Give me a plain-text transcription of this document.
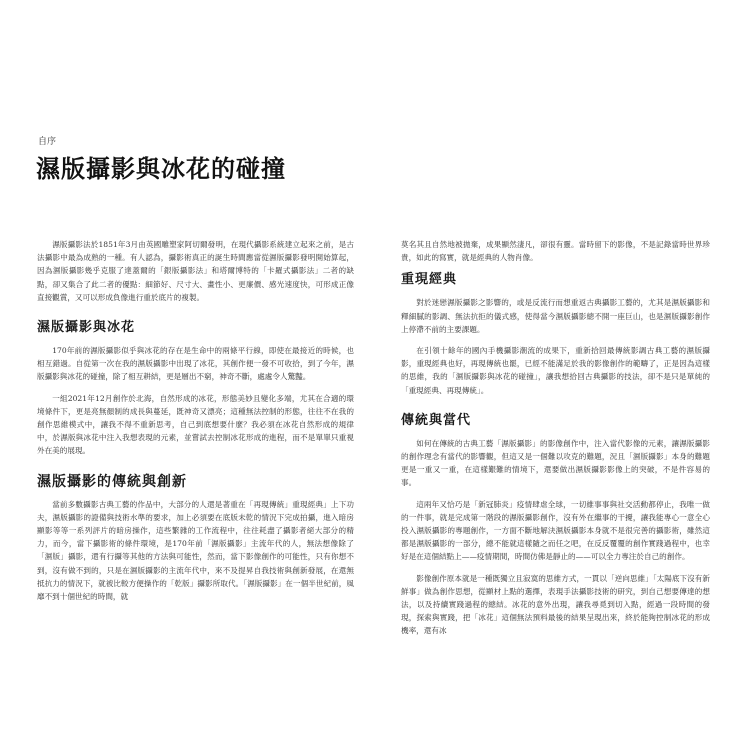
自序
濕版攝影與冰花的碰撞

濕版攝影法於1851年3月由英國雕塑家阿切爾發明，在現代攝影系統建立起來之前，是古法攝影中最為成熟的一種。有人認為，攝影術真正的誕生時間應當從濕版攝影發明開始算起，因為濕版攝影幾乎克服了達蓋爾的「銀版攝影法」和塔爾博特的「卡羅式攝影法」二者的缺點，卻又集合了此二者的優點：細節好、尺寸大、畫性小、更廉價、感光速度快，可形成正像直接觀賞，又可以形成負像進行重於底片的複製。

濕版攝影與冰花

170年前的濕版攝影似乎與冰花的存在是生命中的兩條平行線，即使在最接近的時候，也相互錯過。自從第一次在我的濕版攝影中出現了冰花，其創作便一發不可收拾，到了今年，濕版攝影與冰花的碰撞，除了相互耕結，更是層出不窮，神奇不斷，處處令人驚豔。

一組2021年12月創作於北海，自然形成的冰花，形態美妙且變化多端，尤其在合適的環境條件下，更是亮無顏制的成長與蔓延，既神奇又漂亮；這種無法控制的形態，往往不在我的創作思維模式中，讓我不得不重新思考，自己到底想要什麼？我必須在冰花自然形成的規律中，於濕版與冰花中注入我想表現的元素，並嘗試去控制冰花形成的進程，而不是單單只重視外在美的展現。

濕版攝影的傳統與創新

當前多數攝影古典工藝的作品中，大部分的人還是著重在「再現傳統」重現經典」上下功夫，濕版攝影的證備與技術水準的要求，加上必須要在底版未乾的情況下完成拍攝，進入暗房顯影等等一系列評片的暗房操作，這些繁雜的工作流程中，往往耗盡了攝影者絕大部分的精力，而今，當下攝影術的條件環境，是170年前「濕版攝影」主流年代的人，無法想像除了「濕版」攝影，還有行攝等其他的方法與可能性，然而，當下影像創作的可能性，只有你想不到，沒有做不到的，只是在濕版攝影的主流年代中，來不及提昇自我技術與創新發展，在還無抵抗力的情況下，就被比較方便操作的「乾版」攝影所取代。「濕版攝影」在一個半世紀前，風靡不到十個世紀的時間，就

莫名其且自然地被拋棄，成果顯然淒凡，卻很有靈。當時留下的影像，不是記錄當時世界珍貴，如此的寫實，就是經典的人物肖像。

重現經典

對於迷戀濕版攝影之影響的，或是反流行而想重返古典攝影工藝的，尤其是濕版攝影和釋細膩的影調、無法抗拒的儀式感，使得當今濕版攝影總不開一座巨山，也是濕版攝影創作上停滯不前的主要課題。

在引領十餘年的國內手機攝影潮流的成果下，重新拾回最傳統影調古典工藝的濕版攝影，重現經典也好，再現傳統也罷，已經不能滿足於我的影像創作的範疇了，正是因為這樣的思維，我的「濕版攝影與冰花的碰撞」，讓我想拾回古典攝影的技法，卻不是只是單純的「重現經典、再現傳統」。

傳統與當代

如何在傳統的古典工藝「濕版攝影」的影像創作中，注入當代影像的元素，讓濕版攝影的創作理念有當代的影響觀，但這又是一個難以攻克的難題，況且「濕版攝影」本身的難題更是一重又一重，在這樣艱難的情境下，還要做出濕版攝影影像上的突破，不是件容易的事。

這兩年又恰巧是「新冠肺炎」疫情肆虐全球，一切維事事與社交活動都停止，我唯一做的一件事，就是完成第一階段的濕版攝影創作，沒有外在繼事的干擾，讓我能專心一意全心投入濕版攝影的專題創作，一方面不斷地解決濕版攝影本身就不是很完善的攝影術，雖然這都是濕版攝影的一部分，總不能就這樣隨之而任之吧，在反反覆覆的創作實踐過程中，也幸好是在這個結點上——疫情期間，時間仿佛是靜止的——可以全力專注於自己的創作。

影像創作原本就是一種既獨立且寂寞的思維方式，一貫以「逆向思維」「太陽底下沒有新鮮事」做為創作思想，從顯材上點的選擇，表現手法攝影技術的研究，到自己想要傳達的想法，以及持續實踐過程的總結。冰花的意外出現，讓我尋覓到切入點，經過一段時間的發現，探索與實踐，把「冰花」這個無法預料最後的結果呈現出來，終於能夠控制冰花的形成機率，還有冰
